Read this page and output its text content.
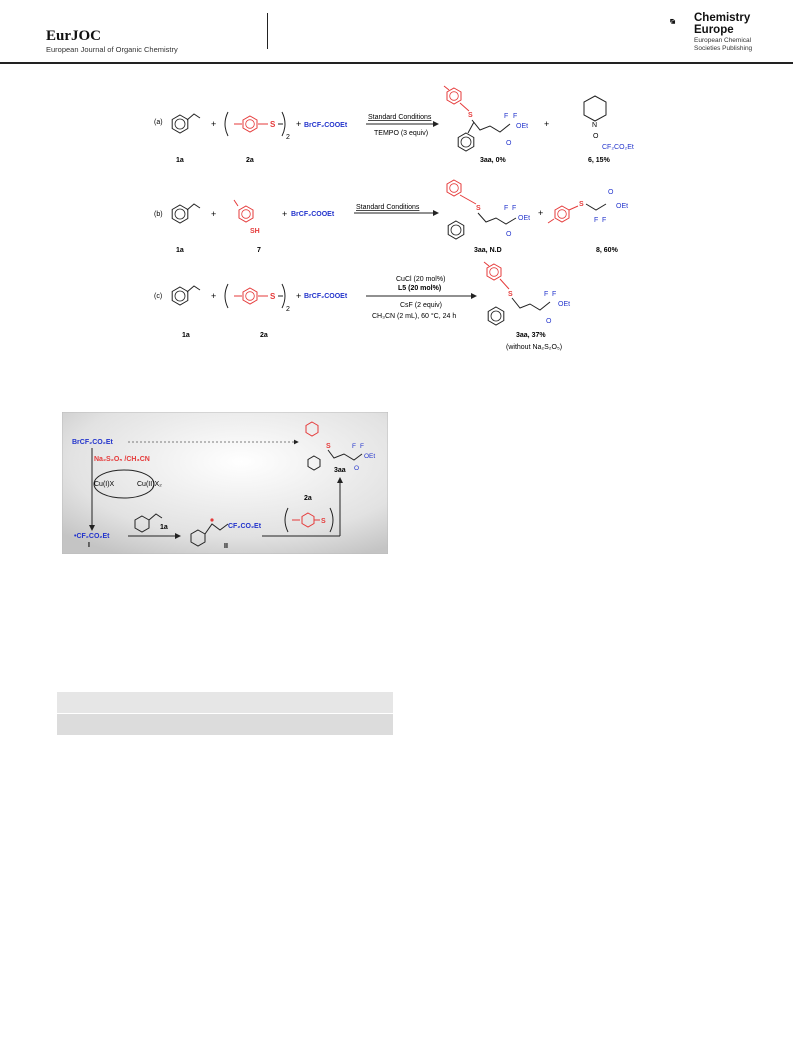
EurJOC
European Journal of Organic Chemistry
Chemistry
Europe
European Chemical
Societies Publishing
(a)	+	S
2
+ BrCF₂COOEt
Standard Conditions
TEMPO (3 equiv)
S	F F
OEt
O
3aa, 0%
+	N
O
CF₂CO₂Et
6, 15%
1a	2a
(b)	+
SH
+ BrCF₂COOEt
Standard Conditions	S	F F
OEt
O
3aa, N.D
+
S
F F
O
OEt
8, 60%
1a	7
(c)	+	S
2
+ BrCF₂COOEt
CuCl (20 mol%)
L5 (20 mol%)
CsF (2 equiv)
CH₃CN (2 mL), 60 °C, 24 h
S	F F
OEt
O
3aa, 37%
(without Na₂S₂O₅)
1a	2a
BrCF₂CO₂Et
Na₂S₂O₅ /CH₃CN
Cu(I)X	Cu(II)X₂
•CF₂CO₂Et
I
1a	CF₂CO₂Et
II
S
2a
S	F F
OEt
O
3aa
